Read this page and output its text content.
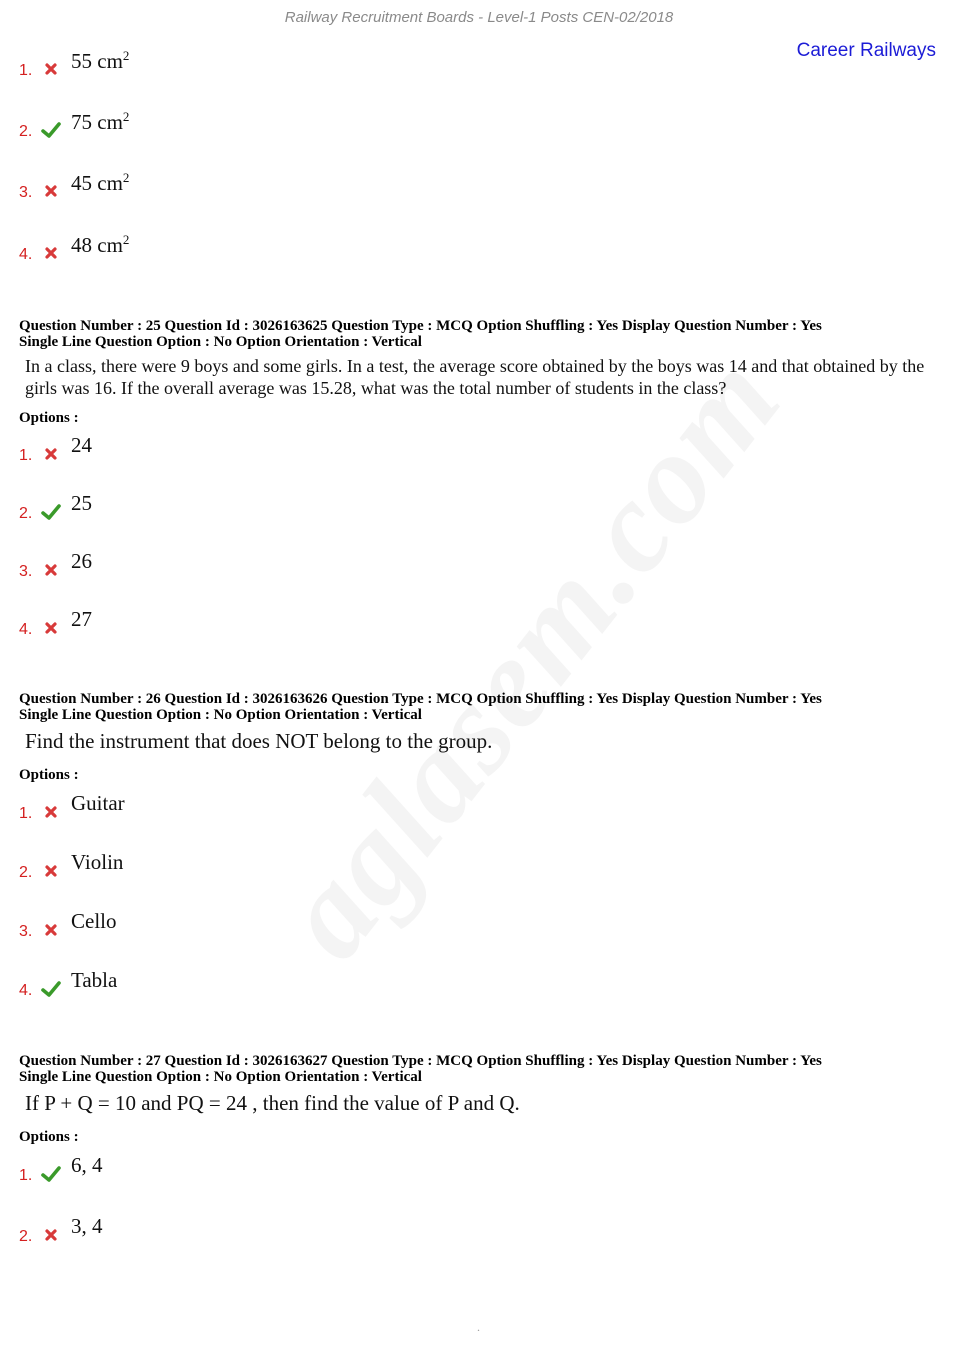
Railway Recruitment Boards - Level-1 Posts CEN-02/2018
Career Railways
1. 55 $cm^2$
2. 75 $cm^2$
3. 45 $cm^2$
4. 48 $cm^2$
Question Number : 25 Question Id : 3026163625 Question Type : MCQ Option Shuffling : Yes Display Question Number : Yes
Single Line Question Option : No Option Orientation : Vertical
In a class, there were 9 boys and some girls. In a test, the average score obtained by the boys was 14 and that obtained by the girls was 16. If the overall average was 15.28, what was the total number of students in the class?
Options :
1. 24
2. 25
3. 26
4. 27
Question Number : 26 Question Id : 3026163626 Question Type : MCQ Option Shuffling : Yes Display Question Number : Yes
Single Line Question Option : No Option Orientation : Vertical
Find the instrument that does NOT belong to the group.
Options :
1. Guitar
2. Violin
3. Cello
4. Tabla
Question Number : 27 Question Id : 3026163627 Question Type : MCQ Option Shuffling : Yes Display Question Number : Yes
Single Line Question Option : No Option Orientation : Vertical
If P + Q = 10 and PQ = 24 , then find the value of P and Q.
Options :
1. 6, 4
2. 3, 4
.
